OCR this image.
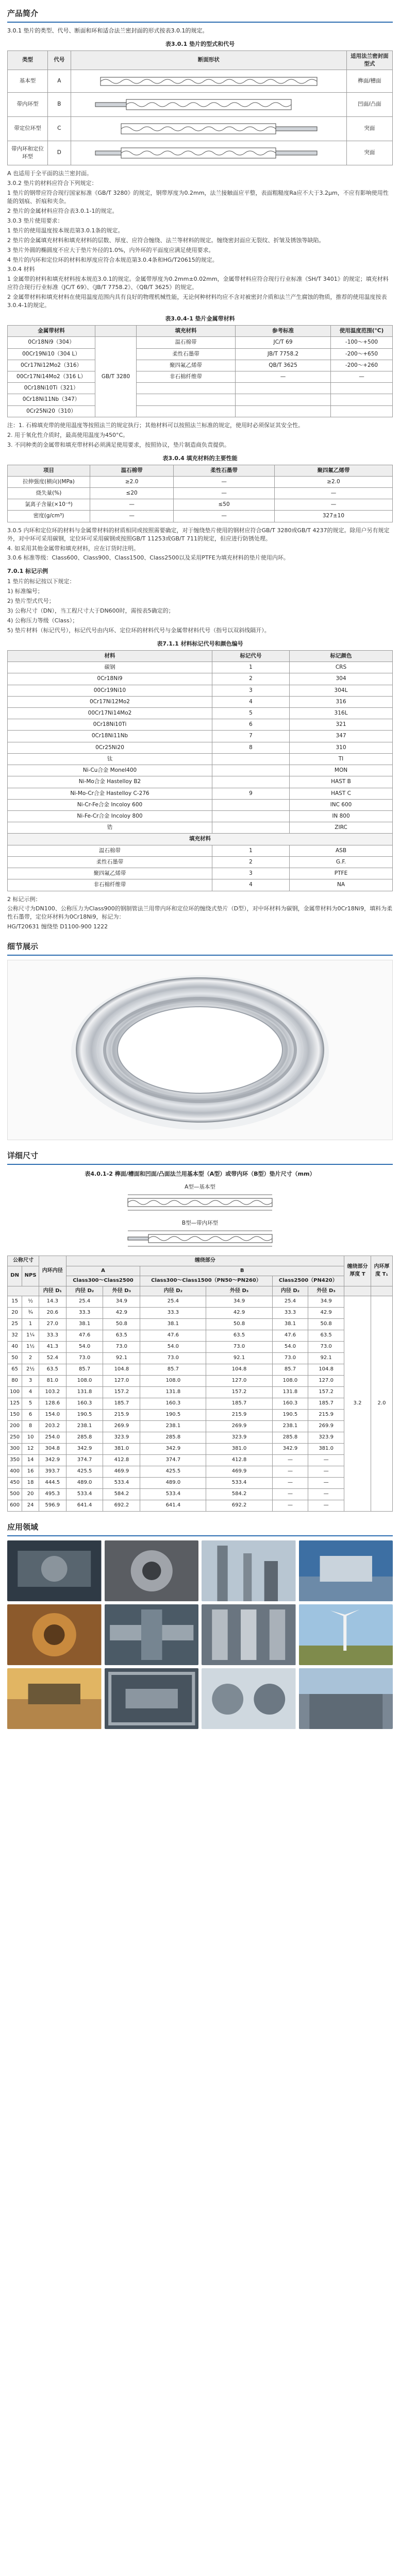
产品简介

3.0.1 垫片的类型、代号、断面和环和适合法兰密封面的形式按表3.0.1的规定。

表3.0.1 垫片的型式和代号
类型	代号	断面形状	适用法兰密封面型式
基本型	A		榫面/槽面
带内环型	B		凹面/凸面
带定位环型	C		突面
带内环和定位环型	D		突面

A 也适用于全平面的法兰密封面。

3.0.2 垫片的材料应符合下列规定：

1 垫片的钢带应符合现行国家标准《GB/T 3280》的规定，钢带厚度为0.2mm，法兰接触面应平整，表面粗糙度Ra应不大于3.2μm，不应有影响使用性能的划痕、折痕和夹杂。

2 垫片的金属材料应符合表3.0.1-1的规定。

3.0.3 垫片使用要求：

1 垫片的使用温度按本规范第3.0.1条的规定。

2 垫片的金属填充材料和填充材料的层数、厚度、应符合缠绕、法兰等材料的规定。缠绕密封面应无裂纹、折皱及锈蚀等缺陷。

3 垫片外圆的椭圆度不应大于垫片外径的1.0%，内外环的平面度应满足使用要求。

4 垫片的内环和定位环的材料和厚度应符合本规范第3.0.4条和HG/T20615的规定。

3.0.4 材料

1 金属带的材料和填充材料按本规范3.0.1的规定。金属带厚度为0.2mm±0.02mm，金属带材料应符合现行行业标准《SH/T 3401》的规定；填充材料应符合现行行业标准《JC/T 69》、《JB/T 7758.2》、《QB/T 3625》的规定。

2 金属带材料和填充材料在使用温度范围内具有良好的物理机械性能，无论何种材料均应不含对被密封介质和法兰产生腐蚀的物质，推荐的使用温度按表3.0.4-1的规定。

表3.0.4-1 垫片金属带材料
金属带材料		填充材料	参考标准	使用温度范围(°C)
0Cr18Ni9（304）	GB/T 3280	温石棉带	JC/T 69	-100～+500
00Cr19Ni10（304 L）		柔性石墨带	JB/T 7758.2	-200～+650
0Cr17Ni12Mo2（316）		聚四氟乙烯带	QB/T 3625	-200～+260
00Cr17Ni14Mo2（316 L）		非石棉纤维带	—	—
0Cr18Ni10Ti（321）				
0Cr18Ni11Nb（347）				
0Cr25Ni20（310）				

注：1. 石棉填充带的使用温度等按照法兰的规定执行；其他材料可以按照法兰标准的规定，使用时必须保证其安全性。

2. 用于氧化性介质时，最高使用温度为450°C。

3. 不同种类的金属带和填充带材料必须满足使用要求，按照协议，垫片制造商负责提供。

表3.0.4 填充材料的主要性能
项目	温石棉带	柔性石墨带	聚四氟乙烯带
拉伸强度(横向)(MPa)	≥2.0	—	≥2.0
烧失量(%)	≤20	—	—
氯离子含量(×10⁻⁶)	—	≤50	—
密度(g/cm³)	—	—	327±10

3.0.5 内环和定位环的材料与金属带材料的材质相同或按照需要确定，对于缠绕垫片使用的钢材应符合GB/T 3280或GB/T 4237的规定。除用户另有规定外，对中环可采用碳钢，定位环可采用碳钢或按照GB/T 11253或GB/T 711的规定，但应进行防锈处理。

4. 如采用其他金属带和填充材料，应在订货时注明。

3.0.6 标准等级：Class600、Class900、Class1500、Class2500以及采用PTFE为填充材料的垫片使用内环。

7.0.1 标记示例

1 垫片的标记按以下规定：

1) 标准编号；

2) 垫片型式代号；

3) 公称尺寸（DN），当工程尺寸大于DN600时，需按表5确定的；

4) 公称压力等级（Class）；

5) 垫片材料（标记代号），标记代号由内环、定位环的材料代号与金属带材料代号（指号以双斜线隔开）。

表7.1.1 材料标记代号和颜色编号
材料	标记代号	标记颜色
碳钢	1	CRS
0Cr18Ni9	2	304
00Cr19Ni10	3	304L
0Cr17Ni12Mo2	4	316
00Cr17Ni14Mo2	5	316L
0Cr18Ni10Ti	6	321
0Cr18Ni11Nb	7	347
0Cr25Ni20	8	310
钛		TI
Ni-Cu合金 Monel400		MON
Ni-Mo合金 Hastelloy B2		HAST B
Ni-Mo-Cr合金 Hastelloy C-276	9	HAST C
Ni-Cr-Fe合金 Incoloy 600		INC 600
Ni-Fe-Cr合金 Incoloy 800		IN 800
锆		ZIRC
填充材料		
温石棉带	1	ASB
柔性石墨带	2	G.F.
聚四氟乙烯带	3	PTFE
非石棉纤维带	4	NA

2 标记示例：

公称尺寸为DN100、公称压力为Class900的钢制管法兰用带内环和定位环的缠绕式垫片（D型），对中环材料为碳钢，金属带材料为0Cr18Ni9，填料为柔性石墨带，定位环材料为0Cr18Ni9，标记为：

HG/T20631 缠绕垫 D1100-900 1222

细节展示
详细尺寸
表4.0.1-2 榫面/槽面和凹面/凸面法兰用基本型（A型）或带内环（B型）垫片尺寸（mm）
A型—基本型
B型—带内环型
公称尺寸		内环内径	缠绕部分						缠绕部分厚度 T	内环厚度 T₁
DN	NPS		A		B					
			Class300～Class2500		Class300～Class1500（PN50～PN260）		Class2500（PN420）			
		内径 D₁	内径 D₂	外径 D₃	内径 D₂	外径 D₃	内径 D₂	外径 D₃		
15	½	14.3	25.4	34.9	25.4	34.9	25.4	34.9	3.2	2.0
20	¾	20.6	33.3	42.9	33.3	42.9	33.3	42.9		
25	1	27.0	38.1	50.8	38.1	50.8	38.1	50.8		
32	1¼	33.3	47.6	63.5	47.6	63.5	47.6	63.5		
40	1½	41.3	54.0	73.0	54.0	73.0	54.0	73.0		
50	2	52.4	73.0	92.1	73.0	92.1	73.0	92.1		
65	2½	63.5	85.7	104.8	85.7	104.8	85.7	104.8		
80	3	81.0	108.0	127.0	108.0	127.0	108.0	127.0		
100	4	103.2	131.8	157.2	131.8	157.2	131.8	157.2		
125	5	128.6	160.3	185.7	160.3	185.7	160.3	185.7		
150	6	154.0	190.5	215.9	190.5	215.9	190.5	215.9		
200	8	203.2	238.1	269.9	238.1	269.9	238.1	269.9		
250	10	254.0	285.8	323.9	285.8	323.9	285.8	323.9		
300	12	304.8	342.9	381.0	342.9	381.0	342.9	381.0		
350	14	342.9	374.7	412.8	374.7	412.8	—	—		
400	16	393.7	425.5	469.9	425.5	469.9	—	—		
450	18	444.5	489.0	533.4	489.0	533.4	—	—		
500	20	495.3	533.4	584.2	533.4	584.2	—	—		
600	24	596.9	641.4	692.2	641.4	692.2	—	—		
应用领域
